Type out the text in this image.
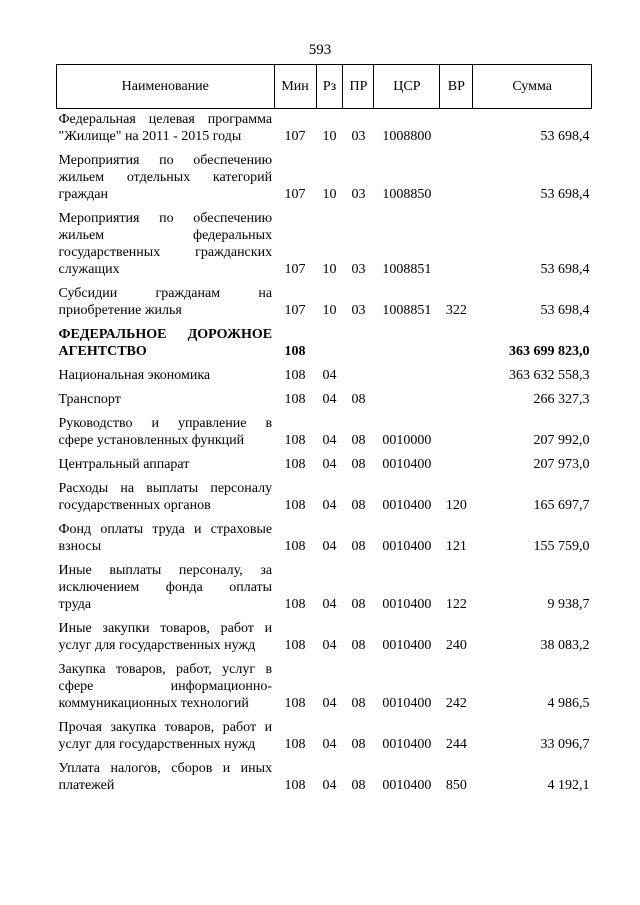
593
Наименование	Мин	Рз	ПР	ЦСР	ВР	Сумма

Федеральная целевая программа
"Жилище" на 2011 - 2015 годы	107	10	03	1008800		53 698,4

Мероприятия по обеспечению
жильем отдельных категорий
граждан	107	10	03	1008850		53 698,4

Мероприятия по обеспечению
жильем федеральных
государственных гражданских
служащих	107	10	03	1008851		53 698,4

Субсидии гражданам на
приобретение жилья	107	10	03	1008851	322	53 698,4

ФЕДЕРАЛЬНОЕ ДОРОЖНОЕ
АГЕНТСТВО	108					363 699 823,0

Национальная экономика	108	04				363 632 558,3

Транспорт	108	04	08			266 327,3

Руководство и управление в
сфере установленных функций	108	04	08	0010000		207 992,0

Центральный аппарат	108	04	08	0010400		207 973,0

Расходы на выплаты персоналу
государственных органов	108	04	08	0010400	120	165 697,7

Фонд оплаты труда и страховые
взносы	108	04	08	0010400	121	155 759,0

Иные выплаты персоналу, за
исключением фонда оплаты
труда	108	04	08	0010400	122	9 938,7

Иные закупки товаров, работ и
услуг для государственных нужд	108	04	08	0010400	240	38 083,2

Закупка товаров, работ, услуг в
сфере информационно-
коммуникационных технологий	108	04	08	0010400	242	4 986,5

Прочая закупка товаров, работ и
услуг для государственных нужд	108	04	08	0010400	244	33 096,7

Уплата налогов, сборов и иных
платежей	108	04	08	0010400	850	4 192,1
